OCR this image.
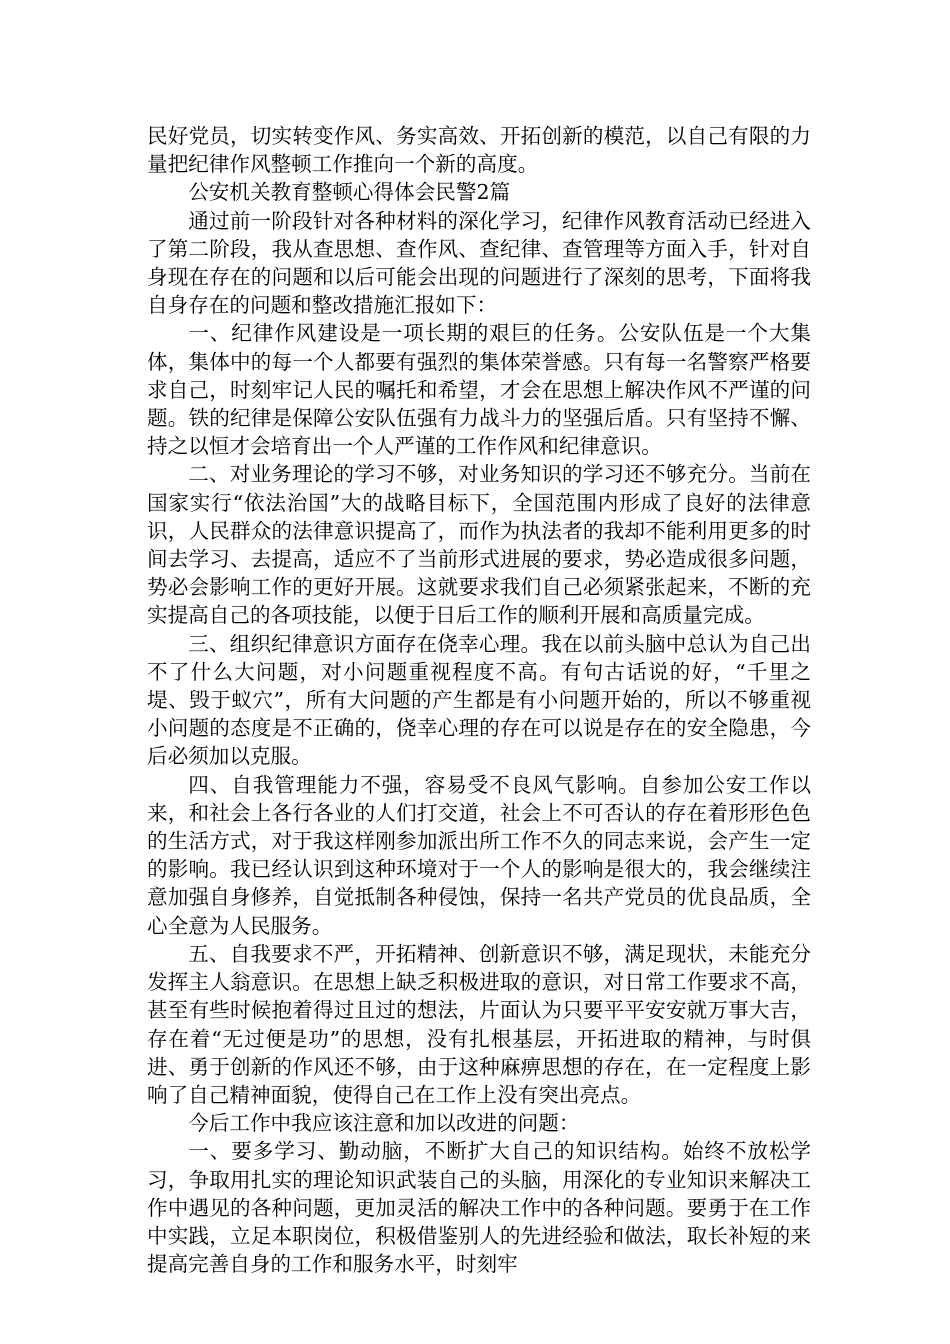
民好党员，切实转变作风、务实高效、开拓创新的模范，以自己有限的力量把纪律作风整顿工作推向一个新的高度。

公安机关教育整顿心得体会民警2篇

通过前一阶段针对各种材料的深化学习，纪律作风教育活动已经进入了第二阶段，我从查思想、查作风、查纪律、查管理等方面入手，针对自身现在存在的问题和以后可能会出现的问题进行了深刻的思考，下面将我自身存在的问题和整改措施汇报如下：

一、纪律作风建设是一项长期的艰巨的任务。公安队伍是一个大集体，集体中的每一个人都要有强烈的集体荣誉感。只有每一名警察严格要求自己，时刻牢记人民的嘱托和希望，才会在思想上解决作风不严谨的问题。铁的纪律是保障公安队伍强有力战斗力的坚强后盾。只有坚持不懈、持之以恒才会培育出一个人严谨的工作作风和纪律意识。

二、对业务理论的学习不够，对业务知识的学习还不够充分。当前在国家实行“依法治国”大的战略目标下，全国范围内形成了良好的法律意识，人民群众的法律意识提高了，而作为执法者的我却不能利用更多的时间去学习、去提高，适应不了当前形式进展的要求，势必造成很多问题，势必会影响工作的更好开展。这就要求我们自己必须紧张起来，不断的充实提高自己的各项技能，以便于日后工作的顺利开展和高质量完成。

三、组织纪律意识方面存在侥幸心理。我在以前头脑中总认为自己出不了什么大问题，对小问题重视程度不高。有句古话说的好，“千里之堤、毁于蚁穴”，所有大问题的产生都是有小问题开始的，所以不够重视小问题的态度是不正确的，侥幸心理的存在可以说是存在的安全隐患，今后必须加以克服。

四、自我管理能力不强，容易受不良风气影响。自参加公安工作以来，和社会上各行各业的人们打交道，社会上不可否认的存在着形形色色的生活方式，对于我这样刚参加派出所工作不久的同志来说，会产生一定的影响。我已经认识到这种环境对于一个人的影响是很大的，我会继续注意加强自身修养，自觉抵制各种侵蚀，保持一名共产党员的优良品质，全心全意为人民服务。

五、自我要求不严，开拓精神、创新意识不够，满足现状，未能充分发挥主人翁意识。在思想上缺乏积极进取的意识，对日常工作要求不高，甚至有些时候抱着得过且过的想法，片面认为只要平平安安就万事大吉，存在着“无过便是功”的思想，没有扎根基层，开拓进取的精神，与时俱进、勇于创新的作风还不够，由于这种麻痹思想的存在，在一定程度上影响了自己精神面貌，使得自己在工作上没有突出亮点。

今后工作中我应该注意和加以改进的问题：

一、要多学习、勤动脑，不断扩大自己的知识结构。始终不放松学习，争取用扎实的理论知识武装自己的头脑，用深化的专业知识来解决工作中遇见的各种问题，更加灵活的解决工作中的各种问题。要勇于在工作中实践，立足本职岗位，积极借鉴别人的先进经验和做法，取长补短的来提高完善自身的工作和服务水平，时刻牢
